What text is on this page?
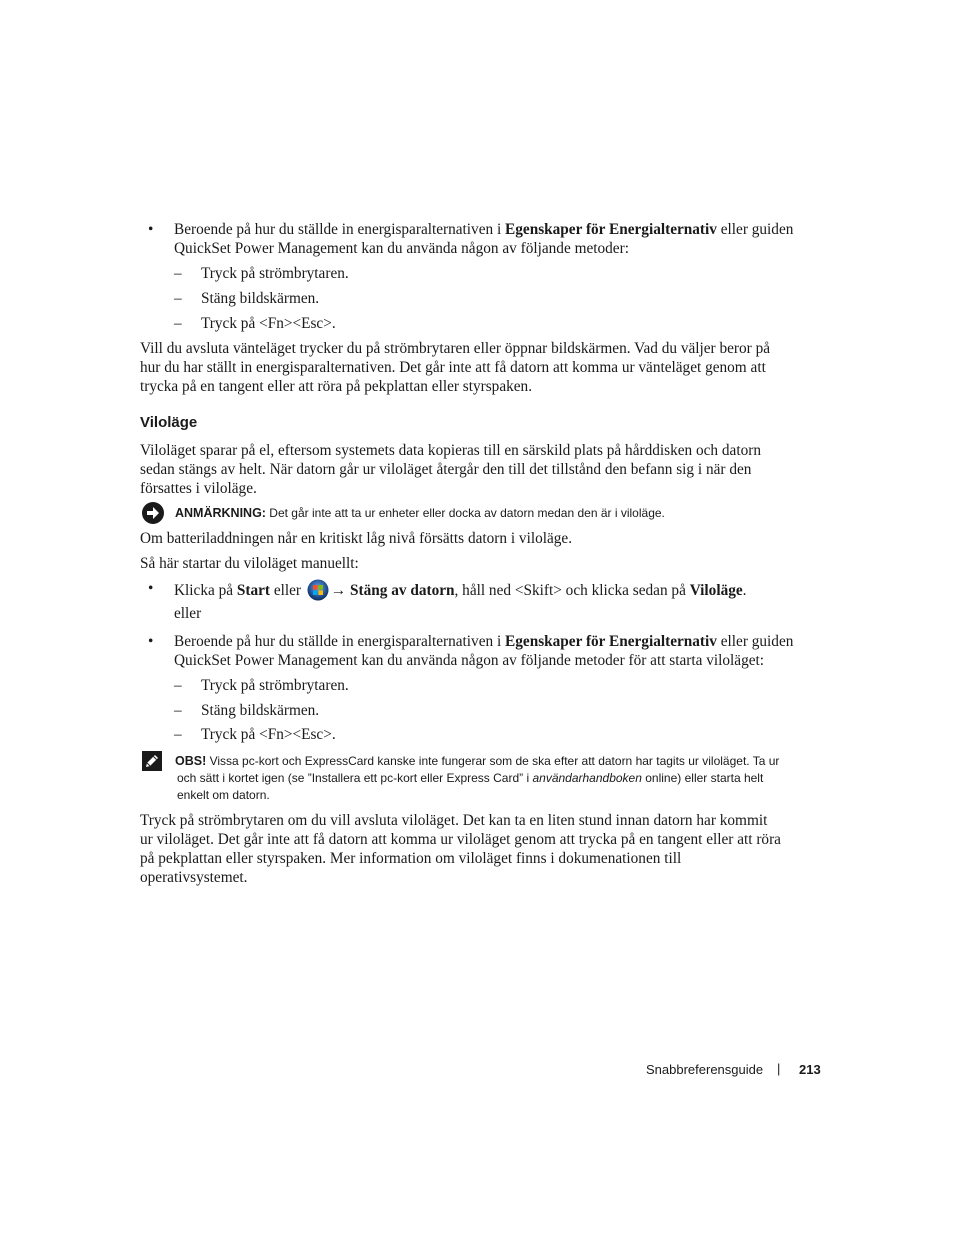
• Beroende på hur du ställde in energisparalternativen i Egenskaper för Energialternativ eller guiden
QuickSet Power Management kan du använda någon av följande metoder:
– Tryck på strömbrytaren.
– Stäng bildskärmen.
– Tryck på <Fn><Esc>.
Vill du avsluta vänteläget trycker du på strömbrytaren eller öppnar bildskärmen. Vad du väljer beror på
hur du har ställt in energisparalternativen. Det går inte att få datorn att komma ur vänteläget genom att
trycka på en tangent eller att röra på pekplattan eller styrspaken.
Viloläge
Viloläget sparar på el, eftersom systemets data kopieras till en särskild plats på hårddisken och datorn
sedan stängs av helt. När datorn går ur viloläget återgår den till det tillstånd den befann sig i när den
försattes i viloläge.
ANMÄRKNING: Det går inte att ta ur enheter eller docka av datorn medan den är i viloläge.
Om batteriladdningen når en kritiskt låg nivå försätts datorn i viloläge.
Så här startar du viloläget manuellt:
• Klicka på Start eller → Stäng av datorn, håll ned <Skift> och klicka sedan på Viloläge.
eller
• Beroende på hur du ställde in energisparalternativen i Egenskaper för Energialternativ eller guiden
QuickSet Power Management kan du använda någon av följande metoder för att starta viloläget:
– Tryck på strömbrytaren.
– Stäng bildskärmen.
– Tryck på <Fn><Esc>.
OBS! Vissa pc-kort och ExpressCard kanske inte fungerar som de ska efter att datorn har tagits ur viloläget. Ta ur
och sätt i kortet igen (se ”Installera ett pc-kort eller Express Card” i användarhandboken online) eller starta helt
enkelt om datorn.
Tryck på strömbrytaren om du vill avsluta viloläget. Det kan ta en liten stund innan datorn har kommit
ur viloläget. Det går inte att få datorn att komma ur viloläget genom att trycka på en tangent eller att röra
på pekplattan eller styrspaken. Mer information om viloläget finns i dokumenationen till
operativsystemet.
Snabbreferensguide | 213
